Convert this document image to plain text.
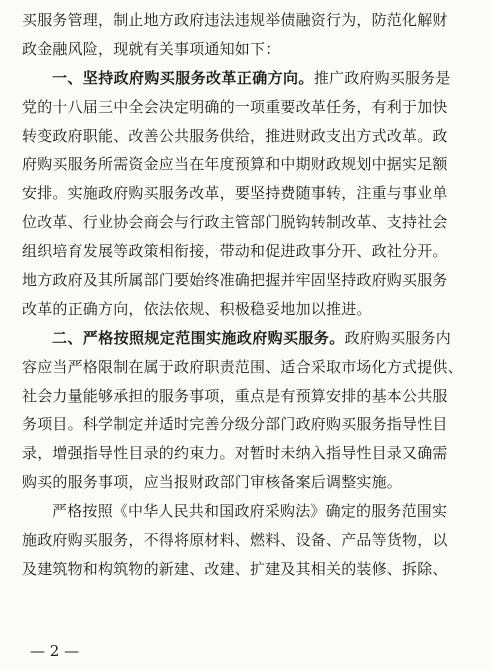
买服务管理，制止地方政府违法违规举债融资行为，防范化解财
政金融风险，现就有关事项通知如下：
一、坚持政府购买服务改革正确方向。推广政府购买服务是
党的十八届三中全会决定明确的一项重要改革任务，有利于加快
转变政府职能、改善公共服务供给，推进财政支出方式改革。政
府购买服务所需资金应当在年度预算和中期财政规划中据实足额
安排。实施政府购买服务改革，要坚持费随事转，注重与事业单
位改革、行业协会商会与行政主管部门脱钩转制改革、支持社会
组织培育发展等政策相衔接，带动和促进政事分开、政社分开。
地方政府及其所属部门要始终准确把握并牢固坚持政府购买服务
改革的正确方向，依法依规、积极稳妥地加以推进。
二、严格按照规定范围实施政府购买服务。政府购买服务内
容应当严格限制在属于政府职责范围、适合采取市场化方式提供、
社会力量能够承担的服务事项，重点是有预算安排的基本公共服
务项目。科学制定并适时完善分级分部门政府购买服务指导性目
录，增强指导性目录的约束力。对暂时未纳入指导性目录又确需
购买的服务事项，应当报财政部门审核备案后调整实施。
严格按照《中华人民共和国政府采购法》确定的服务范围实
施政府购买服务，不得将原材料、燃料、设备、产品等货物，以
及建筑物和构筑物的新建、改建、扩建及其相关的装修、拆除、
— 2 —
